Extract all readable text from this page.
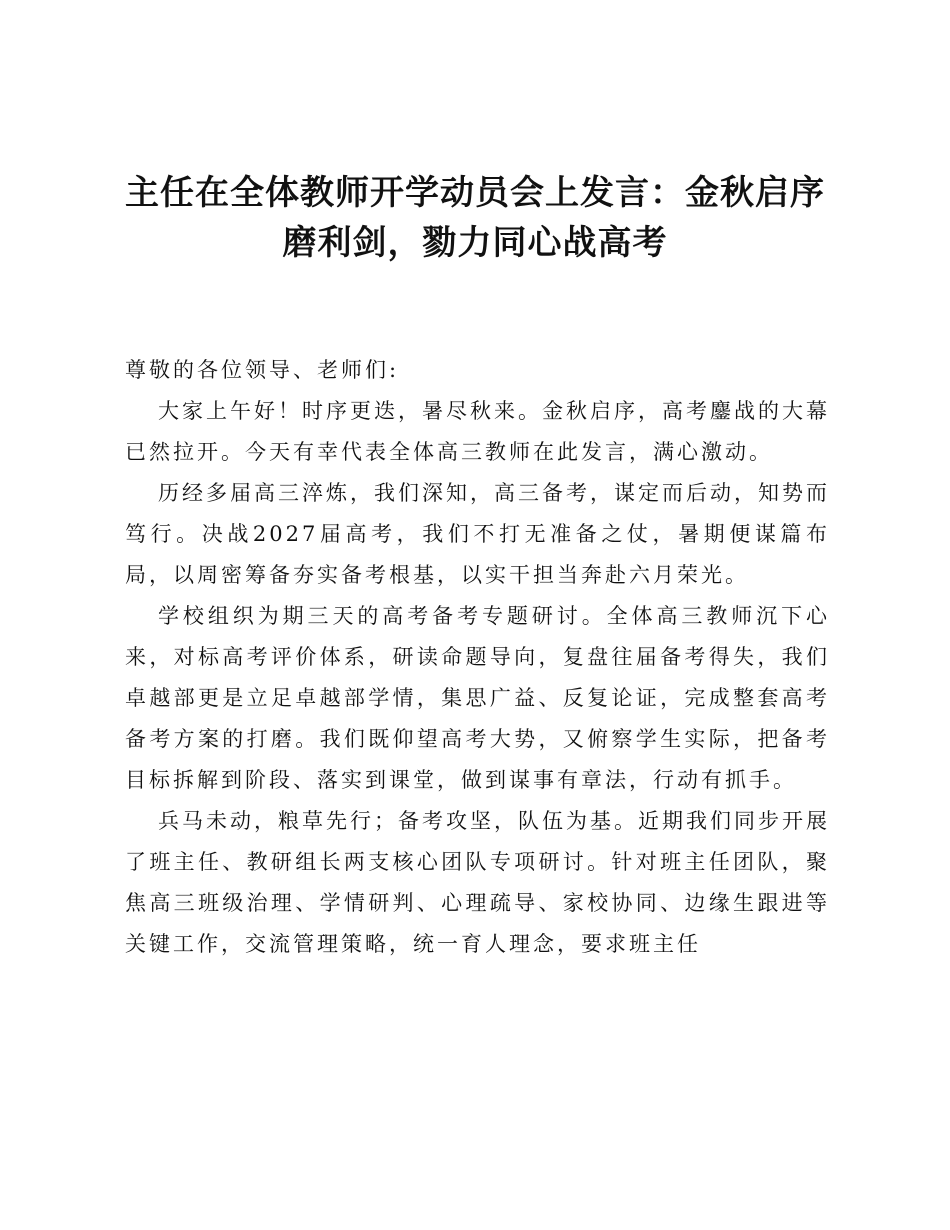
主任在全体教师开学动员会上发言：金秋启序
磨利剑，勠力同心战高考

尊敬的各位领导、老师们:

大家上午好！时序更迭，暑尽秋来。金秋启序，高考鏖战的大幕已然拉开。今天有幸代表全体高三教师在此发言，满心激动。

历经多届高三淬炼，我们深知，高三备考，谋定而后动，知势而笃行。决战2027届高考，我们不打无准备之仗，暑期便谋篇布局，以周密筹备夯实备考根基，以实干担当奔赴六月荣光。

学校组织为期三天的高考备考专题研讨。全体高三教师沉下心来，对标高考评价体系，研读命题导向，复盘往届备考得失，我们卓越部更是立足卓越部学情，集思广益、反复论证，完成整套高考备考方案的打磨。我们既仰望高考大势，又俯察学生实际，把备考目标拆解到阶段、落实到课堂，做到谋事有章法，行动有抓手。

兵马未动，粮草先行；备考攻坚，队伍为基。近期我们同步开展了班主任、教研组长两支核心团队专项研讨。针对班主任团队，聚焦高三班级治理、学情研判、心理疏导、家校协同、边缘生跟进等关键工作，交流管理策略，统一育人理念，要求班主任
